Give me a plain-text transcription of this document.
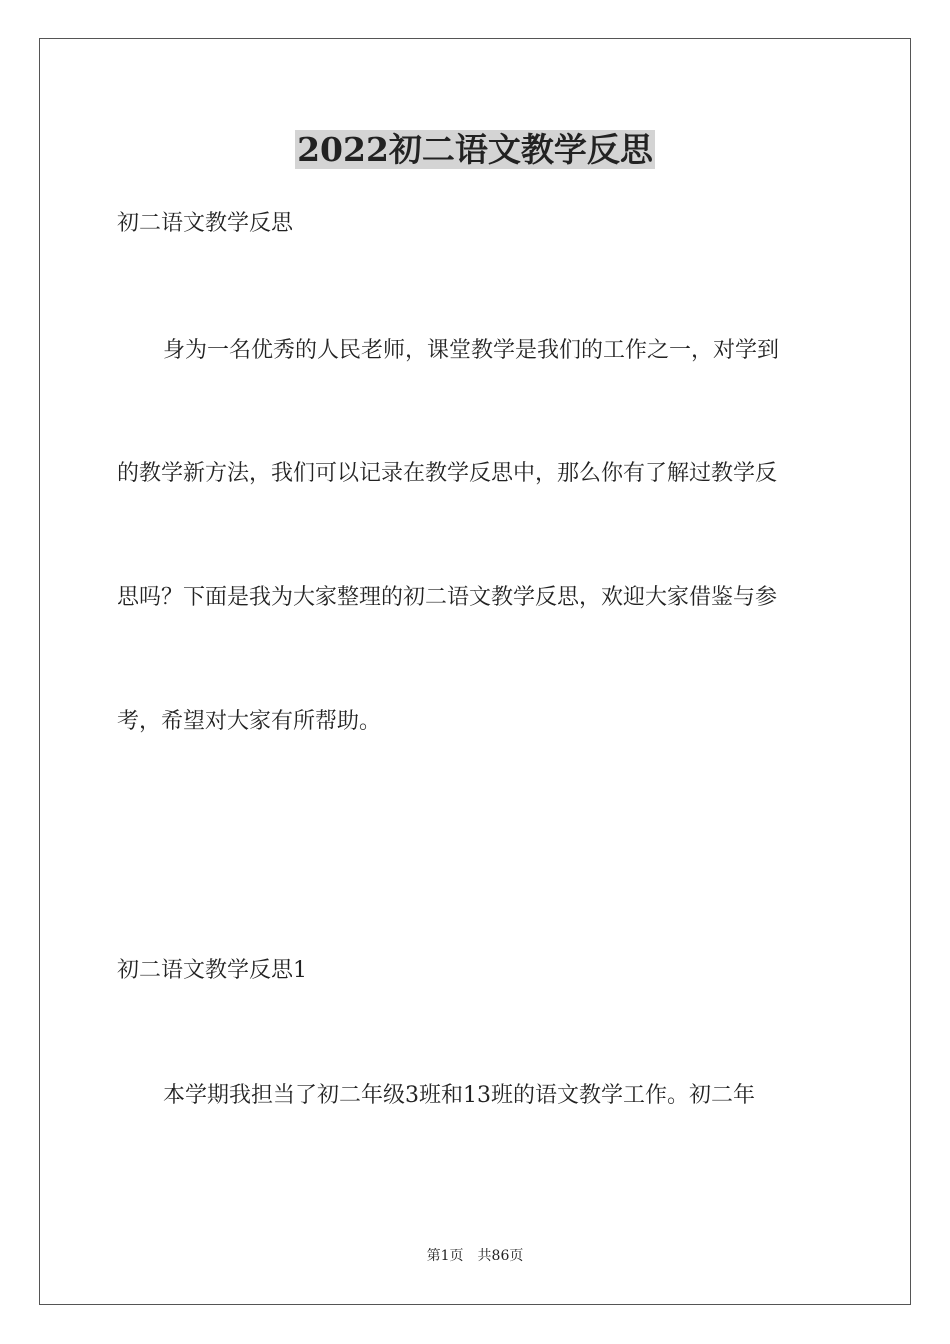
2022初二语文教学反思

初二语文教学反思

身为一名优秀的人民老师，课堂教学是我们的工作之一，对学到

的教学新方法，我们可以记录在教学反思中，那么你有了解过教学反

思吗？下面是我为大家整理的初二语文教学反思，欢迎大家借鉴与参

考，希望对大家有所帮助。

初二语文教学反思1

本学期我担当了初二年级3班和13班的语文教学工作。初二年

第1页 共86页
